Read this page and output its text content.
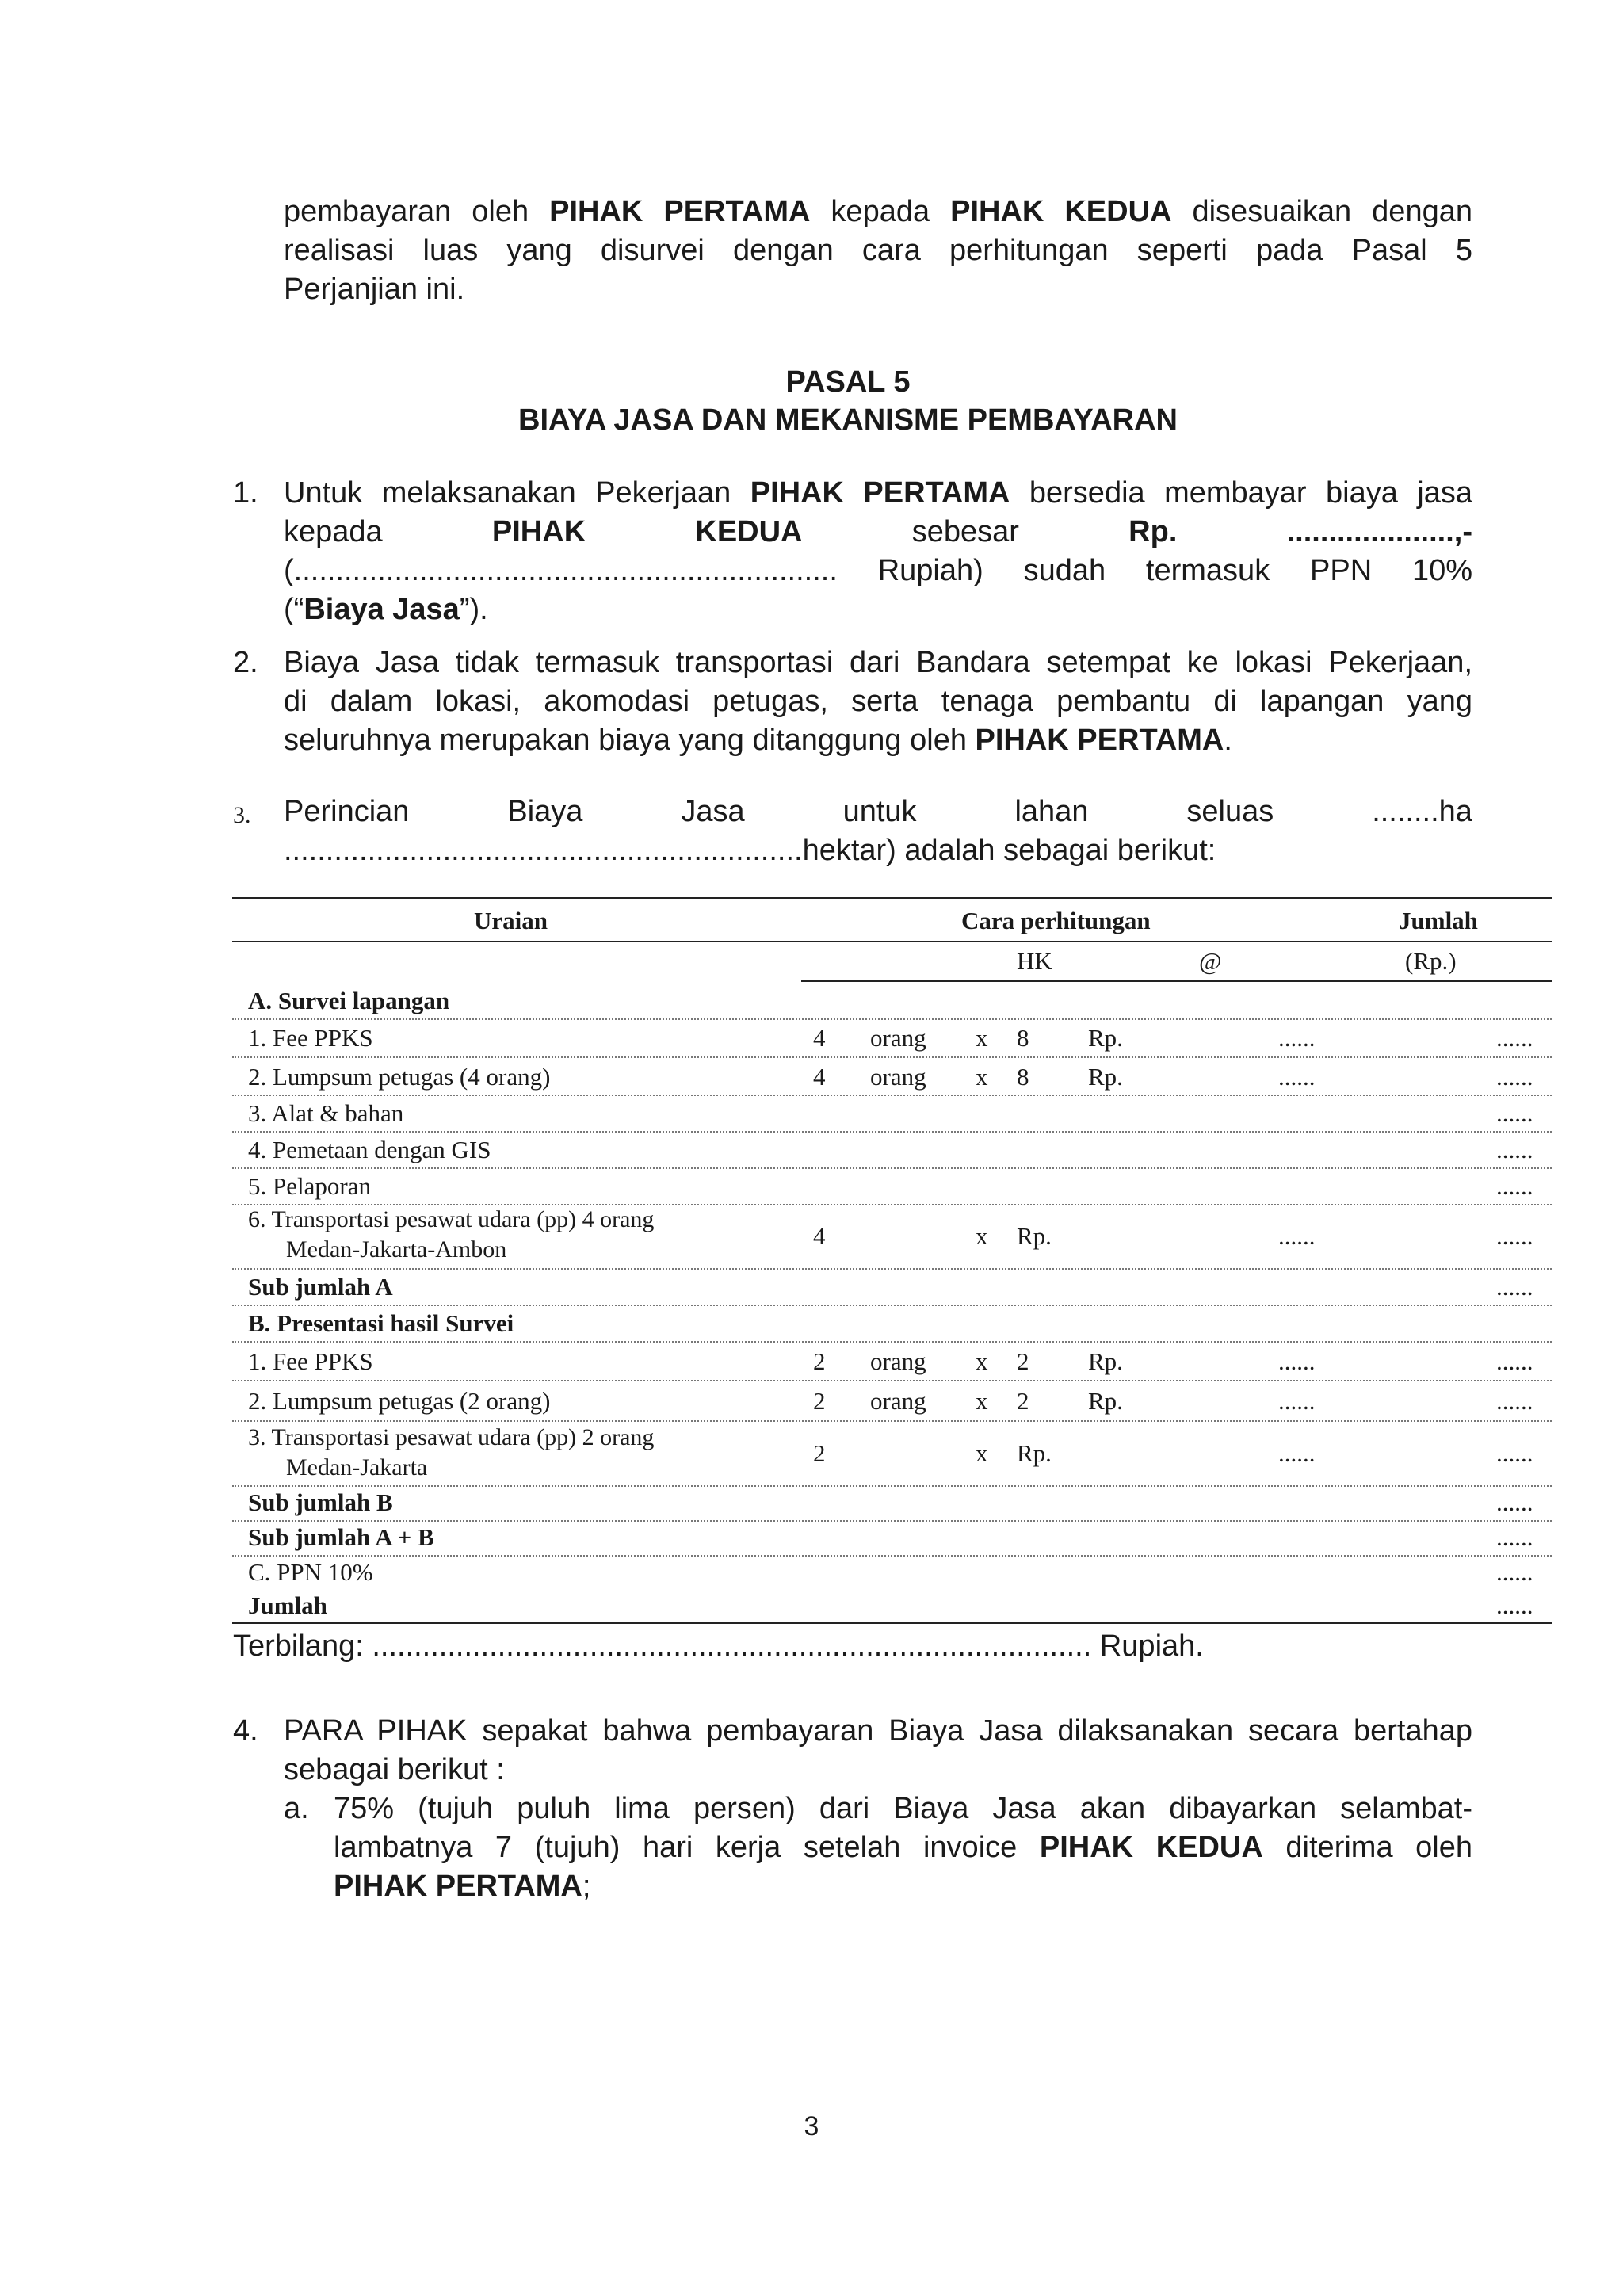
pembayaran oleh PIHAK PERTAMA kepada PIHAK KEDUA disesuaikan dengan
realisasi luas yang disurvei dengan cara perhitungan seperti pada Pasal 5
Perjanjian ini.
PASAL 5
BIAYA JASA DAN MEKANISME PEMBAYARAN
1. Untuk melaksanakan Pekerjaan PIHAK PERTAMA bersedia membayar biaya jasa
kepada	PIHAK	KEDUA	sebesar	Rp.	....................,-
(................................................................. Rupiah) sudah termasuk PPN 10%
(“Biaya Jasa”).
2. Biaya Jasa tidak termasuk transportasi dari Bandara setempat ke lokasi Pekerjaan,
di dalam lokasi, akomodasi petugas, serta tenaga pembantu di lapangan yang
seluruhnya merupakan biaya yang ditanggung oleh PIHAK PERTAMA.
3. Perincian	Biaya	Jasa	untuk	lahan	seluas	........ha
..............................................................hektar) adalah sebagai berikut:
Uraian	Cara perhitungan	Jumlah
HK	@	(Rp.)
A. Survei lapangan
1. Fee PPKS	4 orang x 8 Rp.	......	......
2. Lumpsum petugas (4 orang)	4 orang x 8 Rp.	......	......
3. Alat & bahan	......
4. Pemetaan dengan GIS	......
5. Pelaporan	......
6. Transportasi pesawat udara (pp) 4 orang
Medan-Jakarta-Ambon	4	x Rp.	......	......
Sub jumlah A	......
B. Presentasi hasil Survei
1. Fee PPKS	2 orang x 2 Rp.	......	......
2. Lumpsum petugas (2 orang)	2 orang x 2 Rp.	......	......
3. Transportasi pesawat udara (pp) 2 orang
Medan-Jakarta
2	x Rp.	......	......
Sub jumlah B	......
Sub jumlah A + B	......
C. PPN 10%	......
Jumlah	......
Terbilang: ...................................................................................... Rupiah.
4. PARA PIHAK sepakat bahwa pembayaran Biaya Jasa dilaksanakan secara bertahap
sebagai berikut :
a. 75% (tujuh puluh lima persen) dari Biaya Jasa akan dibayarkan selambat-
lambatnya 7 (tujuh) hari kerja setelah invoice PIHAK KEDUA diterima oleh
PIHAK PERTAMA;
3
